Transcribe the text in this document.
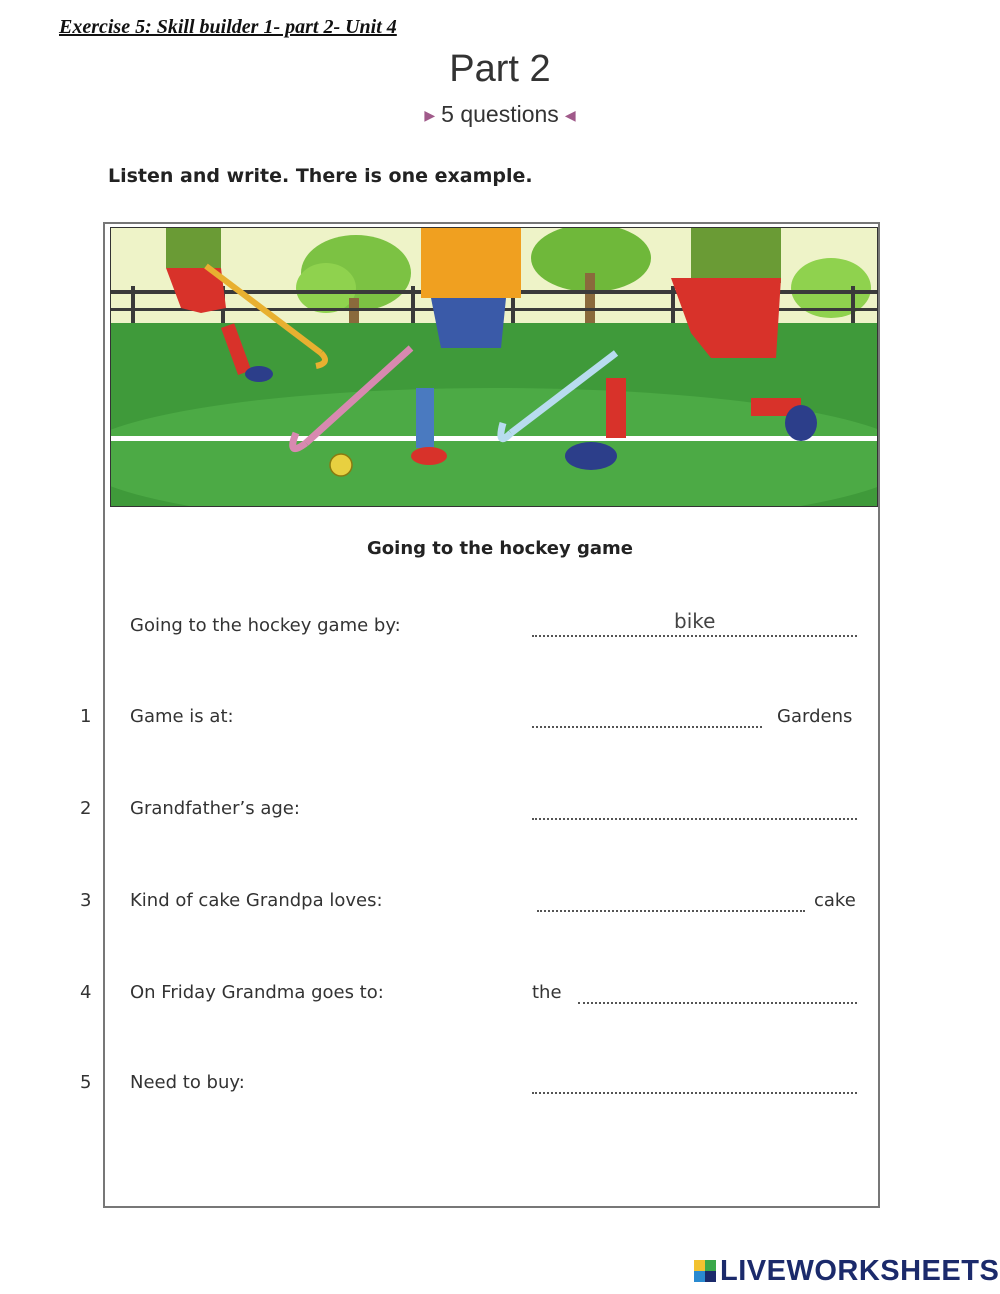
Exercise 5: Skill builder 1- part 2- Unit 4
Part 2
▶ 5 questions ◀
Listen and write. There is one example.
Going to the hockey game
Going to the hockey game by:	bike
1 Game is at:	Gardens
2 Grandfather’s age:
3 Kind of cake Grandpa loves:	cake
4 On Friday Grandma goes to:	the
5 Need to buy:
LIVEWORKSHEETS
